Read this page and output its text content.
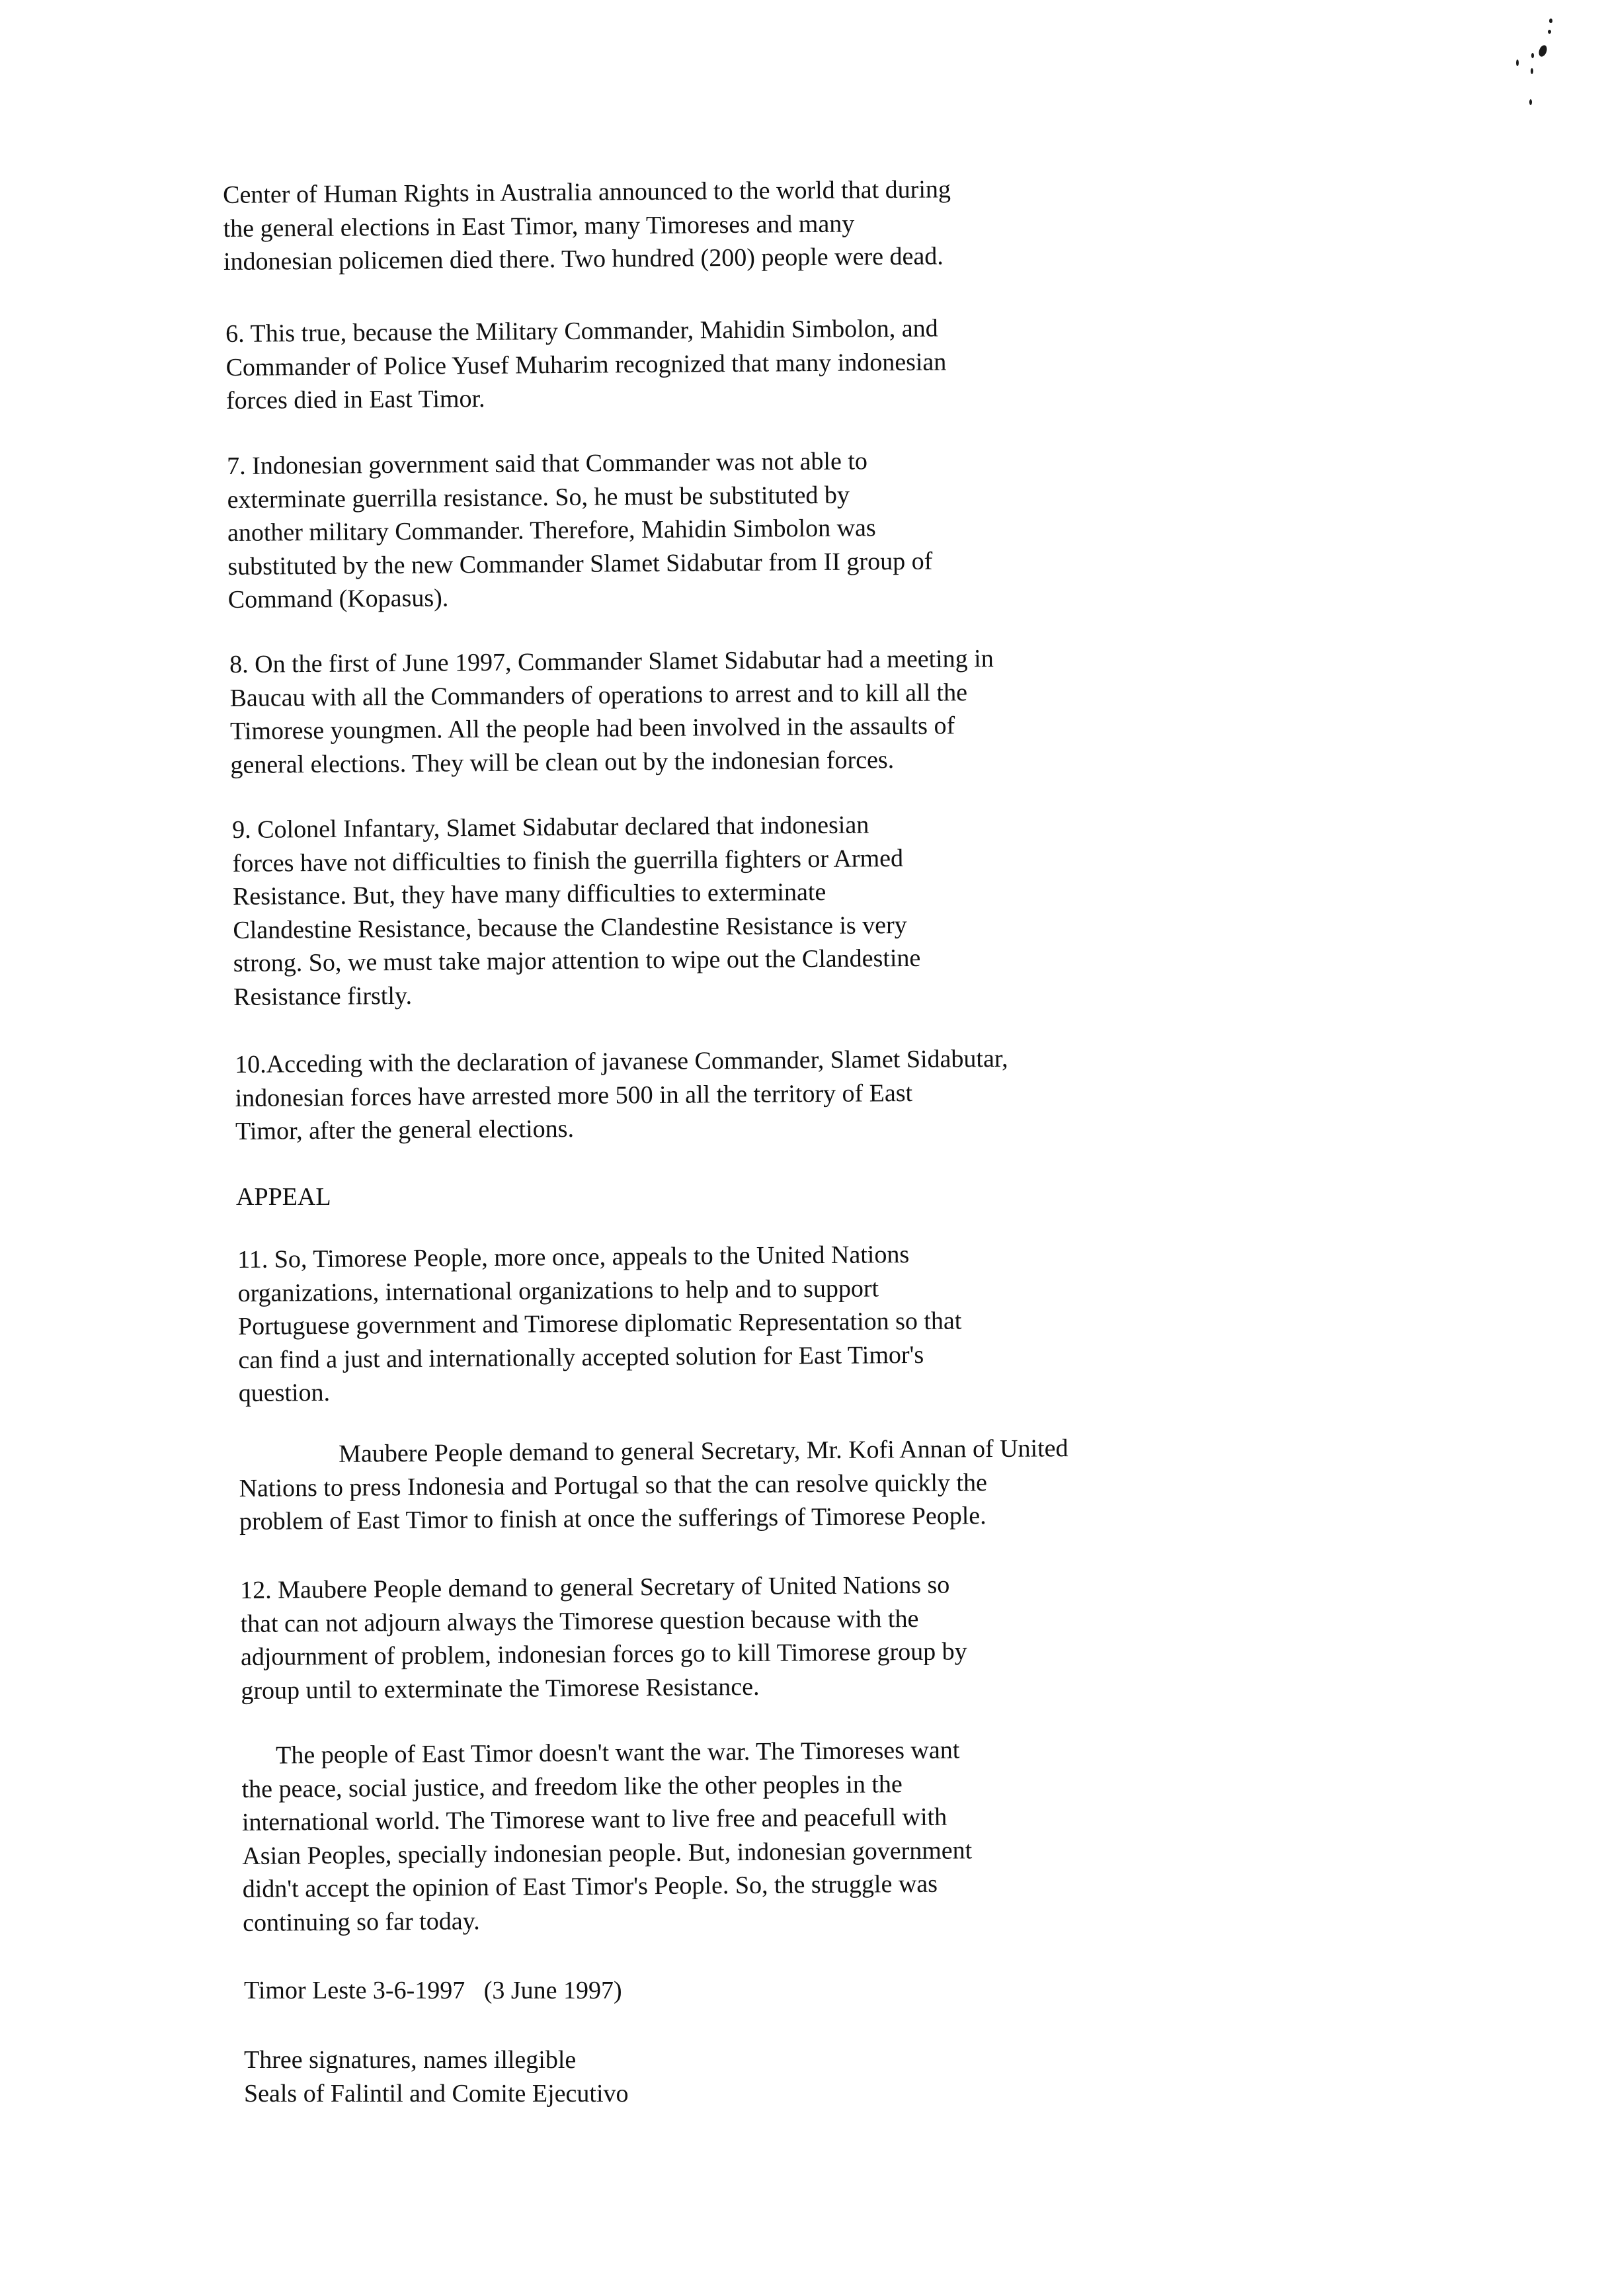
Center of Human Rights in Australia announced to the world that during
the general elections in East Timor, many Timoreses and many
indonesian policemen died there. Two hundred (200) people were dead.
6. This true, because the Military Commander, Mahidin Simbolon, and
Commander of Police Yusef Muharim recognized that many indonesian
forces died in East Timor.
7. Indonesian government said that Commander was not able to
exterminate guerrilla resistance. So, he must be substituted by
another military Commander. Therefore, Mahidin Simbolon was
substituted by the new Commander Slamet Sidabutar from II group of
Command (Kopasus).
8. On the first of June 1997, Commander Slamet Sidabutar had a meeting in
Baucau with all the Commanders of operations to arrest and to kill all the
Timorese youngmen. All the people had been involved in the assaults of
general elections. They will be clean out by the indonesian forces.
9. Colonel Infantary, Slamet Sidabutar declared that indonesian
forces have not difficulties to finish the guerrilla fighters or Armed
Resistance. But, they have many difficulties to exterminate
Clandestine Resistance, because the Clandestine Resistance is very
strong. So, we must take major attention to wipe out the Clandestine
Resistance firstly.
10.Acceding with the declaration of javanese Commander, Slamet Sidabutar,
indonesian forces have arrested more 500 in all the territory of East
Timor, after the general elections.
APPEAL
11. So, Timorese People, more once, appeals to the United Nations
organizations, international organizations to help and to support
Portuguese government and Timorese diplomatic Representation so that
can find a just and internationally accepted solution for East Timor's
question.
Maubere People demand to general Secretary, Mr. Kofi Annan of United
Nations to press Indonesia and Portugal so that the can resolve quickly the
problem of East Timor to finish at once the sufferings of Timorese People.
12. Maubere People demand to general Secretary of United Nations so
that can not adjourn always the Timorese question because with the
adjournment of problem, indonesian forces go to kill Timorese group by
group until to exterminate the Timorese Resistance.
The people of East Timor doesn't want the war. The Timoreses want
the peace, social justice, and freedom like the other peoples in the
international world. The Timorese want to live free and peacefull with
Asian Peoples, specially indonesian people. But, indonesian government
didn't accept the opinion of East Timor's People. So, the struggle was
continuing so far today.
Timor Leste 3-6-1997   (3 June 1997)
Three signatures, names illegible
Seals of Falintil and Comite Ejecutivo
